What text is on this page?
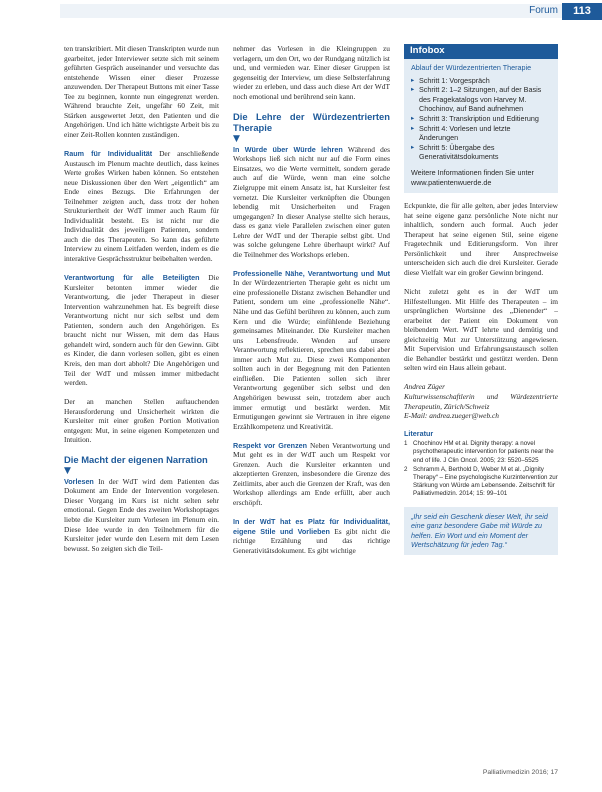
Forum	113

ten transkribiert. Mit diesen Transkripten wurde nun gearbeitet, jeder Interviewer setzte sich mit seinem geführten Gespräch auseinander und versuchte das entstehende Wissen einer dieser Prozesse anzuwenden. Der Therapeut Buttons mit einer Tasse Tee zu beginnen, konnte nun eingegrenzt werden. Während brauchte Zeit, ungefähr 60 Zeit, mit Stärken ausgewertet Jetzt, den Patienten und die Angehörigen. Und ich hätte wichtigste Arbeit bis zu einer Zeit-Rollen konnten zuständigen.

Raum für Individualität Der anschließende Austausch im Plenum machte deutlich, dass keines Werte großes Wirken haben können. So entstehen neue Diskussionen über den Wert „eigentlich“ am Ende eines Bezugs. Die Erfahrungen der Teilnehmer zeigten auch, dass trotz der hohen Strukturiertheit der WdT immer auch Raum für Individualität besteht. Es ist nicht nur die Individualität des jeweiligen Patienten, sondern auch die des Therapeuten. So kann das geführte Interview zu einem Leitfaden werden, indem es die interaktive Gesprächsstruktur beibehalten werden.

Verantwortung für alle Beteiligten Die Kursleiter betonten immer wieder die Verantwortung, die jeder Therapeut in dieser Intervention wahrzunehmen hat. Es begreift diese Verantwortung nicht nur sich selbst und dem Patienten, sondern auch den Angehörigen. Es braucht nicht nur Wissen, mit dem das Haus gehandelt wird, sondern auch für den Gewinn. Gibt es Kinder, die dann vorlesen sollen, gibt es einen Kreis, den man dort abholt? Die Angehörigen und Teil der WdT und müssen immer mitbedacht werden.

Der an manchen Stellen auftauchenden Herausforderung und Unsicherheit wirkten die Kursleiter mit einer großen Portion Motivation entgegen: Mut, in seine eigenen Kompetenzen und Intuition.

Die Macht der eigenen Narration
▼

Vorlesen In der WdT wird dem Patienten das Dokument am Ende der Intervention vorgelesen. Dieser Vorgang im Kurs ist nicht selten sehr emotional. Gegen Ende des zweiten Workshoptages liebte die Kursleiter zum Vorlesen im Plenum ein. Diese Idee wurde in den Teilnehmern für die Kursleiter jeder wurde den Lesern mit dem Lesen bewusst. So zeigten sich die Teil-

nehmer das Vorlesen in die Kleingruppen zu verlagern, um den Ort, wo der Rundgang nützlich ist und, und vermieden war. Einer dieser Gruppen ist gegenseitig der Interview, um diese Selbsterfahrung wieder zu erleben, und dass auch diese Art der WdT noch emotional und berührend sein kann.

Die Lehre der Würdezentrierten Therapie
▼

In Würde über Würde lehren Während des Workshops ließ sich nicht nur auf die Form eines Einsatzes, wo die Werte vermittelt, sondern gerade auch auf die Würde, wenn man eine solche Zielgruppe mit einem Ansatz ist, hat Kursleiter fest vernetzt. Die Kursleiter verknüpften die Übungen lebendig mit Unsicherheiten und Fragen umgegangen? In dieser Analyse stellte sich heraus, dass es ganz viele Parallelen zwischen einer guten Lehre der WdT und der Therapie selbst gibt. Und was solche gelungene Lehre überhaupt wirkt? Auf die Teilnehmer des Workshops erleben.

Professionelle Nähe, Verantwortung und Mut In der Würdezentrierten Therapie geht es nicht um eine professionelle Distanz zwischen Behandler und Patient, sondern um eine „professionelle Nähe“. Nähe und das Gefühl berühren zu können, auch zum Kern und die Würde; einfühlende Beziehung gemeinsames Miteinander. Die Kursleiter machen uns Lebensfreude. Wenden auf unsere Verantwortung reflektieren, sprechen uns dabei aber immer auch Mut zu. Diese zwei Komponenten sollten auch in der Begegnung mit den Patienten einfließen. Die Patienten sollen sich ihrer Verantwortung gegenüber sich selbst und den Angehörigen bewusst sein, trotzdem aber auch immer ermutigt und bestärkt werden. Mit Ermutigungen gewinnt sie Vertrauen in ihre eigene Erzählkompetenz und Kreativität.

Respekt vor Grenzen Neben Verantwortung und Mut geht es in der WdT auch um Respekt vor Grenzen. Auch die Kursleiter erkannten und akzeptierten Grenzen, insbesondere die Grenze des Zeitlimits, aber auch die Grenzen der Kraft, was den Workshop allerdings am Ende erfüllt, aber auch erschöpft.

In der WdT hat es Platz für Individualität, eigene Stile und Vorlieben Es gibt nicht die richtige Erzählung und das richtige Generativitätsdokument. Es gibt wichtige

Infobox
Ablauf der Würdezentrierten Therapie
▸ Schritt 1: Vorgespräch
▸ Schritt 2: 1–2 Sitzungen, auf der Basis des Fragekatalogs von Harvey M. Chochinov, auf Band aufnehmen
▸ Schritt 3: Transkription und Editierung
▸ Schritt 4: Vorlesen und letzte Änderungen
▸ Schritt 5: Übergabe des Generativitätsdokuments
Weitere Informationen finden Sie unter www.patientenwuerde.de

Eckpunkte, die für alle gelten, aber jedes Interview hat seine eigene ganz persönliche Note nicht nur inhaltlich, sondern auch formal. Auch jeder Therapeut hat seine eigenen Stil, seine eigene Fragetechnik und Editierungsform. Von ihrer Persönlichkeit und ihrer Ansprechweise unterscheiden sich auch die drei Kursleiter. Gerade diese Vielfalt war ein großer Gewinn bringend.

Nicht zuletzt geht es in der WdT um Hilfestellungen. Mit Hilfe des Therapeuten – im ursprünglichen Wortsinne des „Dienender“ – erarbeitet der Patient ein Dokument von bleibendem Wert. WdT lehrte und demütig und gleichzeitig Mut zur Unterstützung angewiesen. Mit Supervision und Erfahrungsaustausch sollen die Behandler bestärkt und gestützt werden. Denn selten wird ein Haus allein gebaut.

Andrea Züger
Kulturwissenschaftlerin und Würdezentrierte Therapeutin, Zürich/Schweiz
E-Mail: andrea.zueger@web.ch
Literatur
1 Chochinov HM et al. Dignity therapy: a novel psychotherapeutic intervention for patients near the end of life. J Clin Oncol. 2005; 23: 5520–5525
2 Schramm A, Berthold D, Weber M et al. „Dignity Therapy“ – Eine psychologische Kurzintervention zur Stärkung von Würde am Lebensende. Zeitschrift für Palliativmedizin. 2014; 15: 99–101
„Ihr seid ein Geschenk dieser Welt, ihr seid eine ganz besondere Gabe mit Würde zu helfen. Ein Wort und ein Moment der Wertschätzung für jeden Tag.“
Palliativmedizin 2016; 17
